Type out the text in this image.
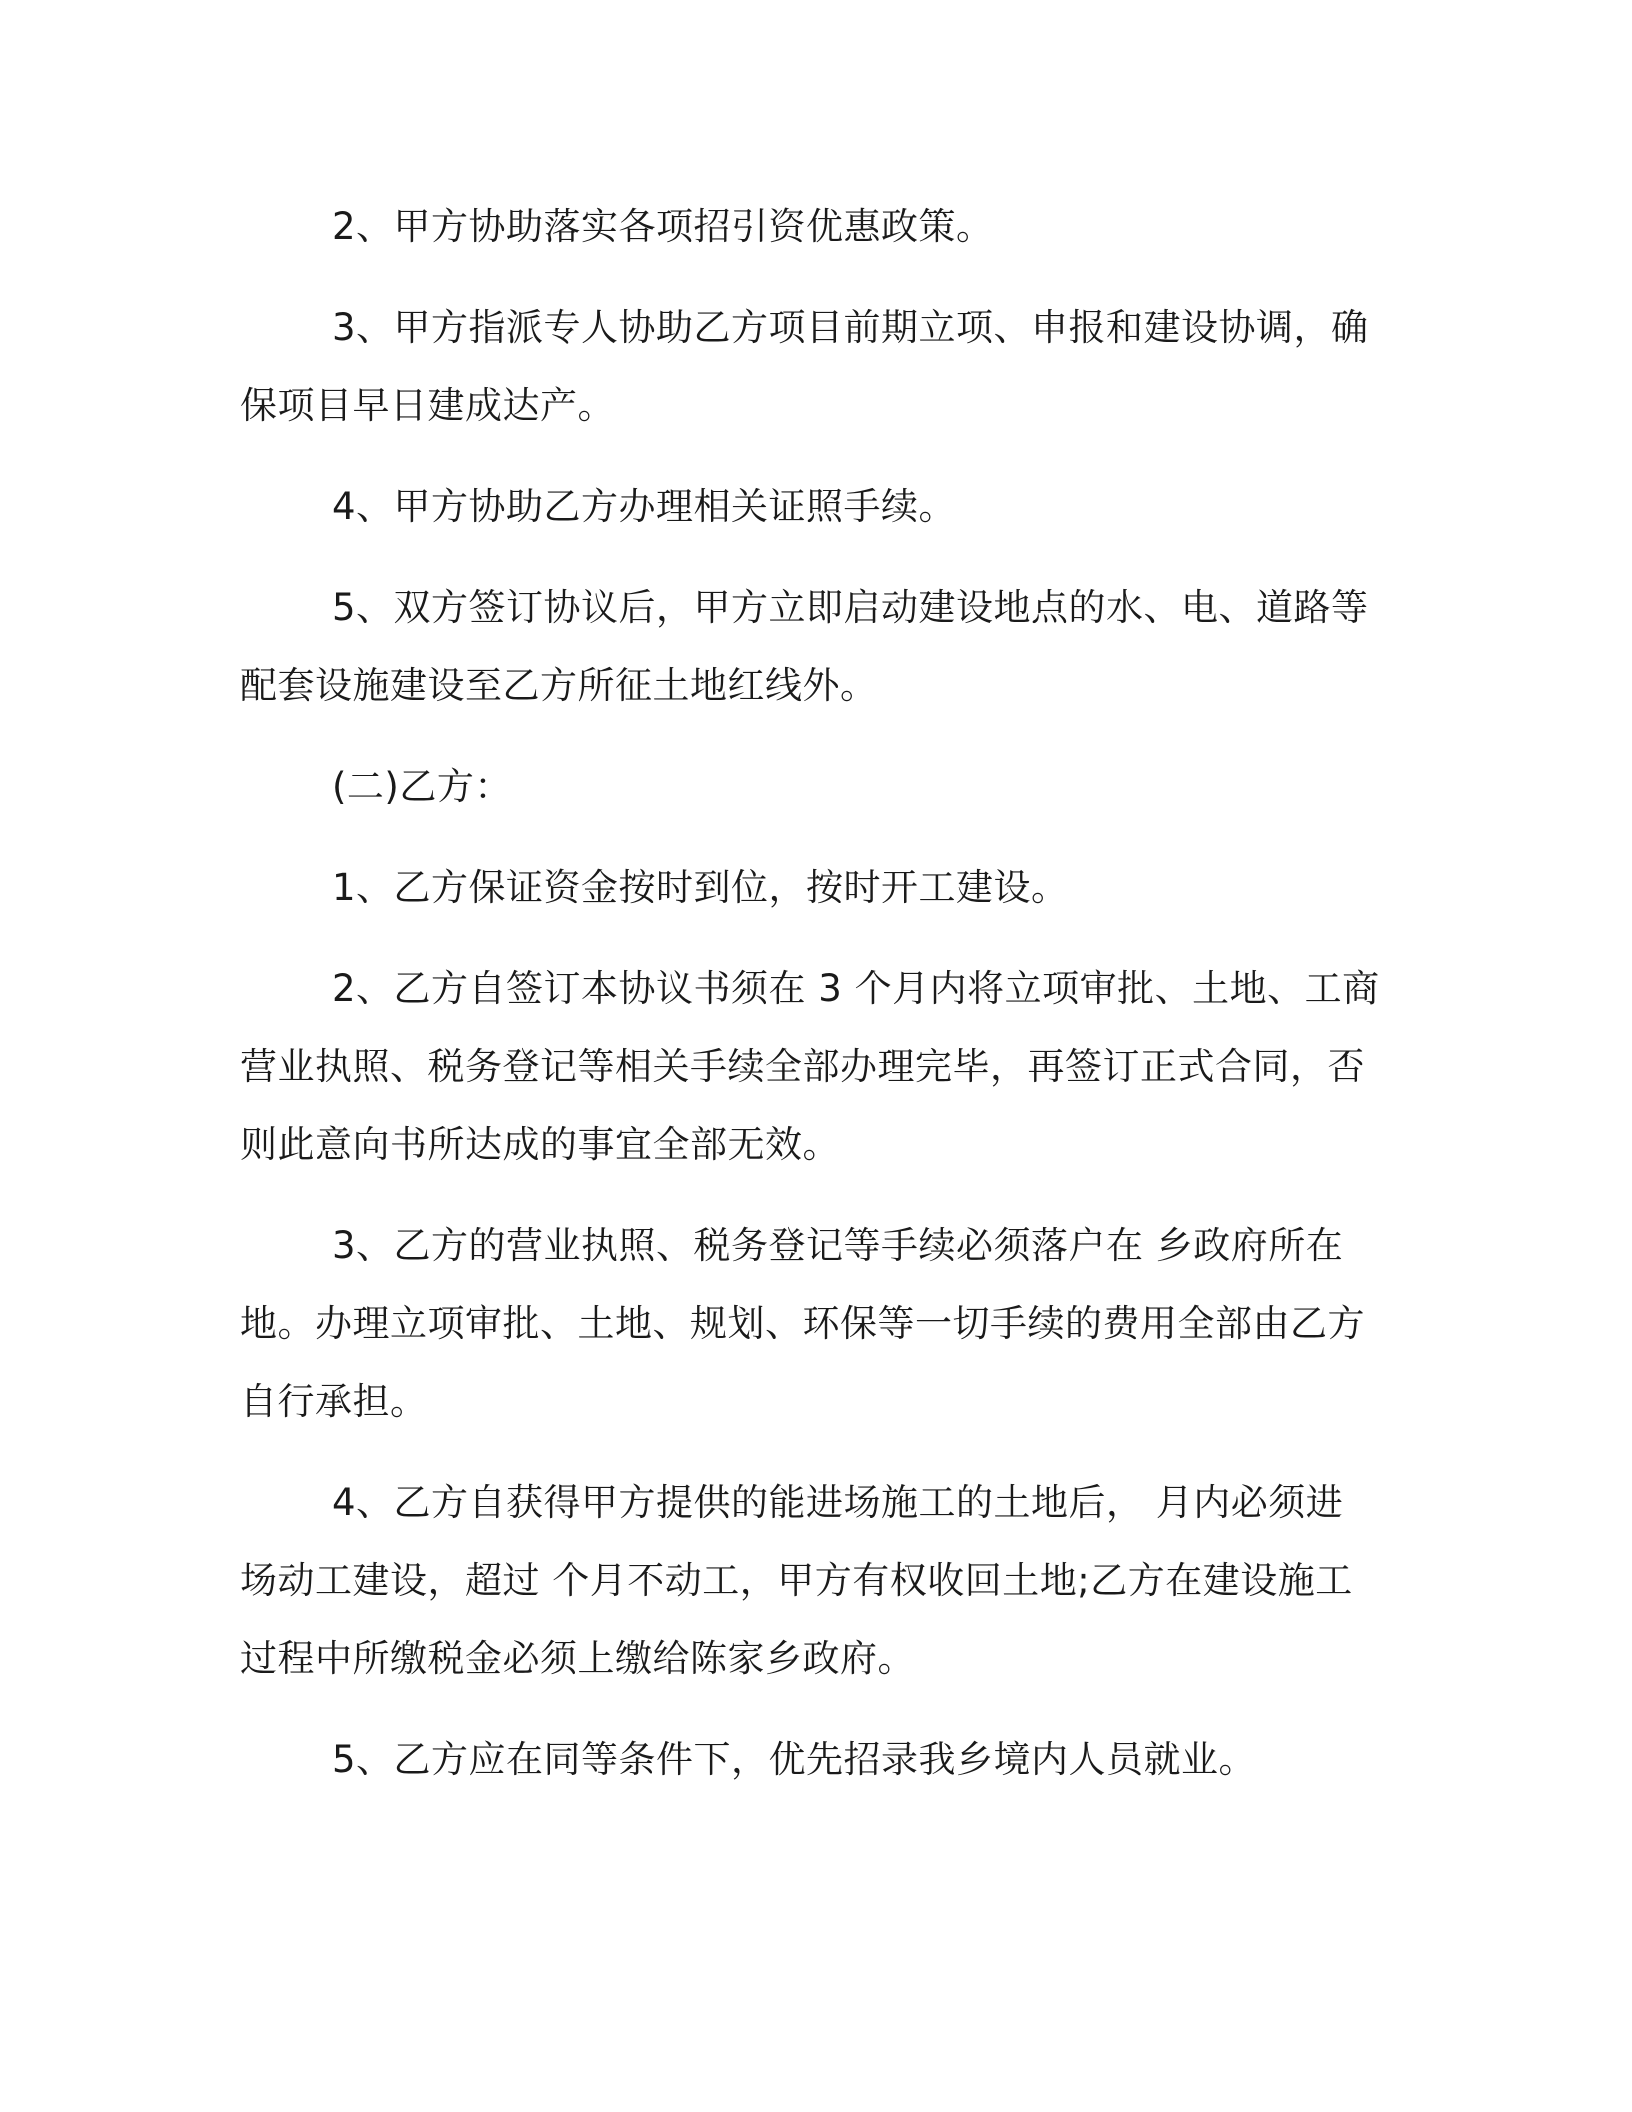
2、甲方协助落实各项招引资优惠政策。

3、甲方指派专人协助乙方项目前期立项、申报和建设协调，确保项目早日建成达产。

4、甲方协助乙方办理相关证照手续。

5、双方签订协议后，甲方立即启动建设地点的水、电、道路等配套设施建设至乙方所征土地红线外。

(二)乙方：

1、乙方保证资金按时到位，按时开工建设。

2、乙方自签订本协议书须在 3 个月内将立项审批、土地、工商营业执照、税务登记等相关手续全部办理完毕，再签订正式合同，否则此意向书所达成的事宜全部无效。

3、乙方的营业执照、税务登记等手续必须落户在 乡政府所在地。办理立项审批、土地、规划、环保等一切手续的费用全部由乙方自行承担。

4、乙方自获得甲方提供的能进场施工的土地后， 月内必须进场动工建设，超过 个月不动工，甲方有权收回土地;乙方在建设施工过程中所缴税金必须上缴给陈家乡政府。

5、乙方应在同等条件下，优先招录我乡境内人员就业。
